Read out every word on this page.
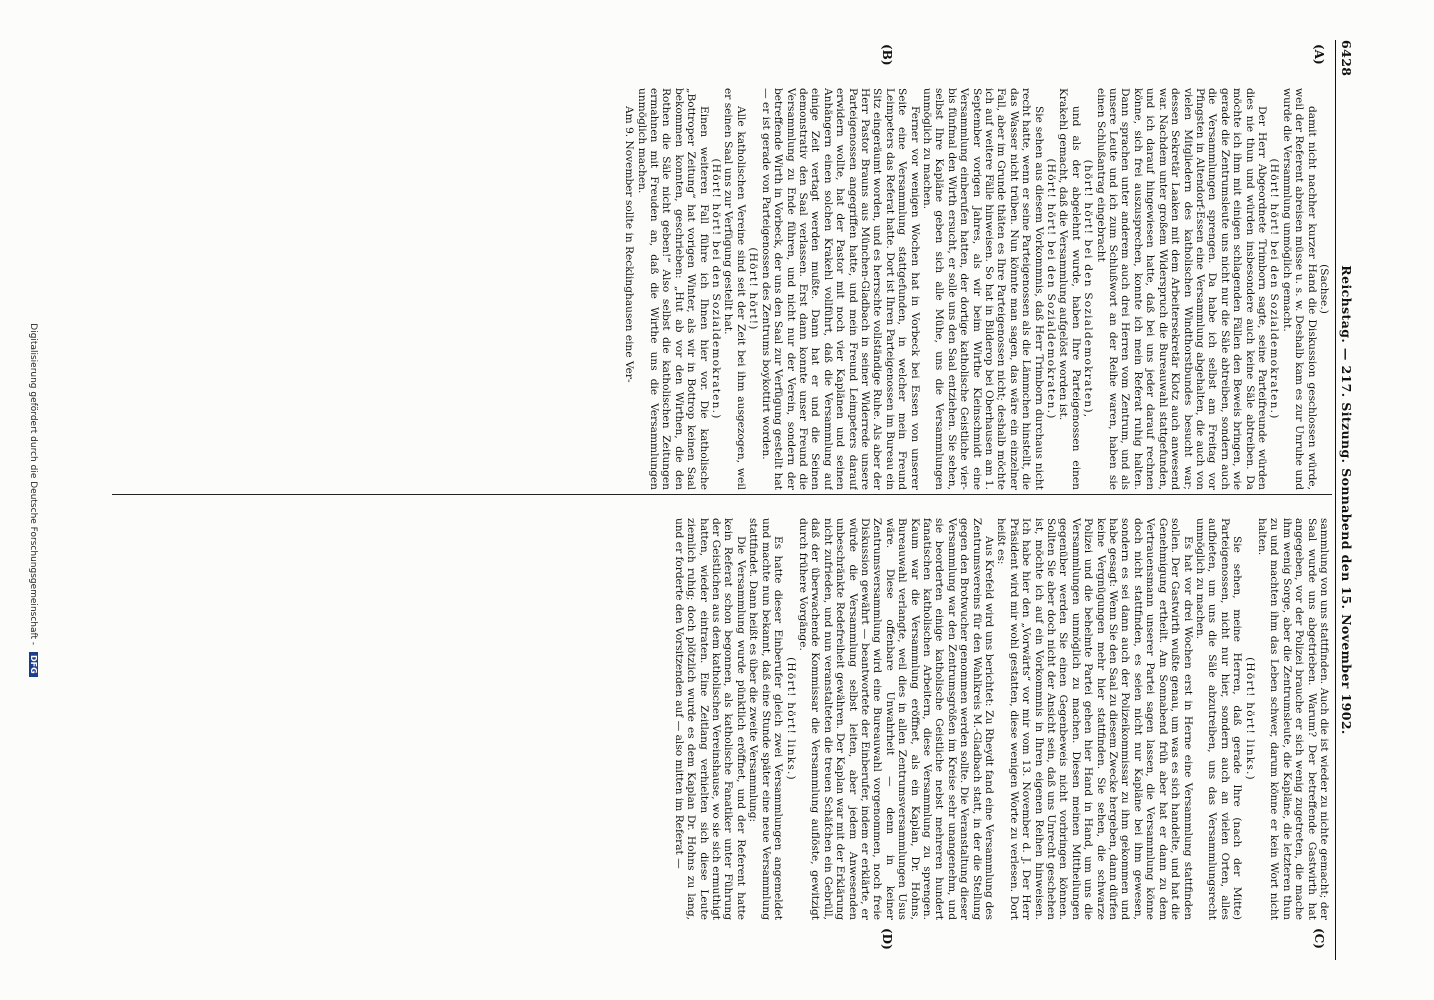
6428
Reichstag. — 217. Sitzung. Sonnabend den 15. November 1902.
(A)
(B)
(C)
(D)

(Sachse.)

damit nicht nachher kurzer Hand die Diskussion geschlossen würde, weil der Referent abreisen müsse u. s. w. Deshalb kam es zur Unruhe und wurde die Versammlung unmöglich gemacht.

(Hört! hört! bei den Sozialdemokraten.)

Der Herr Abgeordnete Trimborn sagte, seine Parteifreunde würden dies nie thun und würden insbesondere auch keine Säle abtreiben. Da möchte ich ihm mit einigen schlagenden Fällen den Beweis bringen, wie gerade die Zentrumsleute uns nicht nur die Säle abtreiben, sondern auch die Versammlungen sprengen. Da habe ich selbst am Freitag vor Pfingsten in Altendorf-Essen eine Versammlung abgehalten, die auch von vielen Mitgliedern des katholischen Windthorstbundes besucht war; dessen Sekretär Laaken mit dem Arbeitersekretär Klotz auch anwesend war. Nachdem unter großem Widerspruch die Bureauwahl stattgefunden, und ich darauf hingewiesen hatte, daß bei uns jeder darauf rechnen könne, sich frei auszusprechen, konnte ich mein Referat ruhig halten. Dann sprachen unter anderem auch drei Herren vom Zentrum, und als unsere Leute und ich zum Schlußwort an der Reihe waren, haben sie einen Schlußantrag eingebracht

(hört! hört! bei den Sozialdemokraten),

und als der abgelehnt wurde, haben Ihre Parteigenossen einen Krakehl gemacht, daß die Versammlung aufgelöst worden ist.

(Hört! hört! bei den Sozialdemokraten.)

Sie sehen aus diesem Vorkommnis, daß Herr Trimborn durchaus nicht recht hatte, wenn er seine Parteigenossen als die Lämmchen hinstellt, die das Wasser nicht trüben. Nun könnte man sagen, das wäre ein einzelner Fall, aber im Grunde thäten es Ihre Parteigenossen nicht; deshalb möchte ich auf weitere Fälle hinweisen. So hat in Bilderop bei Oberhausen am 1. September vorigen Jahres, als wir beim Wirthe Kleinschmidt eine Versammlung einberufen hatten, der dortige katholische Geistliche vier- bis fünfmal den Wirth ersucht, er solle uns den Saal entziehen. Sie sehen, selbst Ihre Kapläne geben sich alle Mühe, uns die Versammlungen unmöglich zu machen.

Ferner vor wenigen Wochen hat in Vorbeck bei Essen von unserer Seite eine Versammlung stattgefunden, in welcher mein Freund Leimpeters das Referat hatte. Dort ist Ihren Parteigenossen im Bureau ein Sitz eingeräumt worden, und es herrschte vollständige Ruhe. Als aber der Herr Pastor Brauns aus München-Gladbach in seiner Widerrede unsere Parteigenossen angegriffen hatte, und mein Freund Leimpeters darauf erwidern wollte, hat der Pastor mit noch vier Kaplänen und seinen Anhängern einen solchen Krakehl vollführt, daß die Versammlung auf einige Zeit vertagt werden mußte. Dann hat er und die Seinen demonstrativ den Saal verlassen. Erst dann konnte unser Freund die Versammlung zu Ende führen, und nicht nur der Verein, sondern der betreffende Wirth in Vorbeck, der uns den Saal zur Verfügung gestellt hat — er ist gerade von Parteigenossen des Zentrums boykottirt worden.

(Hört! hört!)

Alle katholischen Vereine sind seit der Zeit bei ihm ausgezogen, weil er seinen Saal uns zur Verfügung gestellt hat.

(Hört! hört! bei den Sozialdemokraten.)

Einen weiteren Fall führe ich Ihnen hier vor. Die katholische „Bottroper Zeitung“ hat vorigen Winter, als wir in Bottrop keinen Saal bekommen konnten, geschrieben: „Hut ab vor den Wirthen, die den Rothen die Säle nicht geben!“ Also selbst die katholischen Zeitungen ermahnen mit Freuden an, daß die Wirthe uns die Versammlungen unmöglich machen.

Am 9. November sollte in Recklinghausen eine Ver-

sammlung von uns stattfinden. Auch die ist wieder zu nichte gemacht; der Saal wurde uns abgetrieben. Warum? Der betreffende Gastwirth hat angegeben, vor der Polizei brauche er sich wenig zugetreten, die mache ihm wenig Sorge, aber die Zentrumsleute, die Kapläne, die letzteren thun zu und machten ihm das Leben schwer, darum könne er kein Wort nicht halten.

(Hört! hört! links.)

Sie sehen, meine Herren, daß gerade Ihre (nach der Mitte) Parteigenossen, nicht nur hier, sondern auch an vielen Orten, alles aufbieten, um uns die Säle abzutreiben, uns das Versammlungsrecht unmöglich zu machen.

Es hat vor drei Wochen erst in Herne eine Versammlung stattfinden sollen. Der Gastwirth wußte genau, um was es sich handelte, und hat die Genehmigung ertheilt. Am Sonnabend früh aber hat er dann zu dem Vertrauensmann unserer Partei sagen lassen, die Versammlung könne doch nicht stattfinden, es seien nicht nur Kapläne bei ihm gewesen, sondern es sei dann auch der Polizeikommissar zu ihm gekommen und habe gesagt: Wenn Sie den Saal zu diesem Zwecke hergeben, dann dürfen keine Vergnügungen mehr hier stattfinden. Sie sehen, die schwarze Polizei und die behelmte Partei gehen hier Hand in Hand, um uns die Versammlungen unmöglich zu machen. Diesen meinen Mittheilungen gegenüber werden Sie einen Gegenbeweis nicht vorbringen können. Sollten Sie aber doch nicht der Ansicht sein, daß uns Unrecht geschehen ist, möchte ich auf ein Vorkommnis in Ihren eigenen Reihen hinweisen. Ich habe hier den „Vorwärts“ vor mir vom 13. November d. J. Der Herr Präsident wird mir wohl gestatten, diese wenigen Worte zu verlesen. Dort heißt es:

Aus Krefeld wird uns berichtet: Zu Rheydt fand eine Versammlung des Zentrumsvereins für den Wahlkreis M.-Gladbach statt, in der die Stellung gegen den Brotwucher genommen werden sollte. Die Veranstaltung dieser Versammlung war den Zentrumsgrößen im Kreise sehr unangenehm, und sie beorderten einige katholische Geistliche nebst mehreren hundert fanatischen katholischen Arbeitern, diese Versammlung zu sprengen. Kaum war die Versammlung eröffnet, als ein Kaplan, Dr. Hohns, Bureauwahl verlangte, weil dies in allen Zentrumsversammlungen Usus wäre. Diese offenbare Unwahrheit — denn in keiner Zentrumsversammlung wird eine Bureauwahl vorgenommen, noch freie Diskussion gewährt — beantwortete der Einberufer, indem er erklärte, er würde die Versammlung selbst leiten, aber jedem Anwesenden unbeschränkte Redefreiheit gewähren. Der Kaplan war mit der Erklärung nicht zufrieden, und nun veranstalteten die treuen Schäfchen ein Gebrüll, daß der überwachende Kommissar die Versammlung auflöste, gewitzigt durch frühere Vorgänge.

(Hört! hört! links.)

Es hatte dieser Einberufer gleich zwei Versammlungen angemeldet und machte nun bekannt, daß eine Stunde später eine neue Versammlung stattfindet. Dann heißt es über die zweite Versammlung:

Die Versammlung wurde pünktlich eröffnet, und der Referent hatte kein Referat schon begonnen, als katholische Fanatiker unter Führung der Geistlichen aus dem katholischen Vereinshause, wo sie sich ermuthigt hatten, wieder eintraten. Eine Zeitlang verhielten sich diese Leute ziemlich ruhig; doch plötzlich wurde es dem Kaplan Dr. Hohns zu lang, und er forderte den Vorsitzenden auf — also mitten im Referat —

Digitalisierung gefördert durch die Deutsche Forschungsgemeinschaft - DFG
